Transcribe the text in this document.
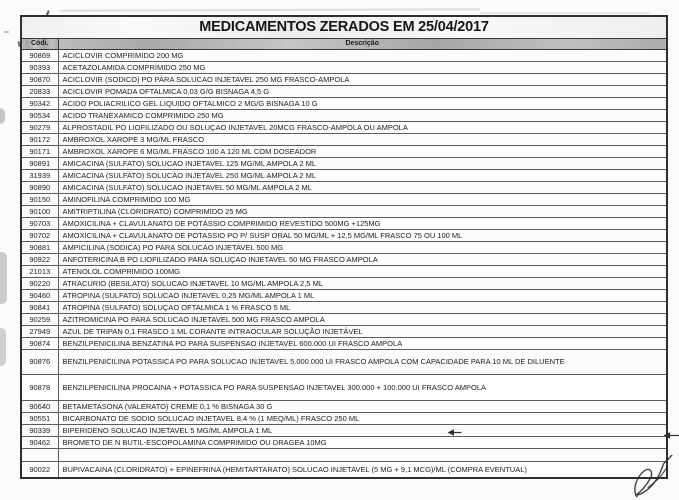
MEDICAMENTOS ZERADOS EM 25/04/2017	
Códi.	Descrição
90869	ACICLOVIR COMPRIMIDO 200 MG
90393	ACETAZOLAMIDA COMPRIMIDO 250 MG
90870	ACICLOVIR (SODICO) PO PARA SOLUCAO INJETAVEL 250 MG FRASCO-AMPOLA
20833	ACICLOVIR POMADA OFTALMICA 0,03 G/G BISNAGA 4,5 G
90342	ACIDO POLIACRILICO GEL LIQUIDO OFTALMICO 2 MG/G BISNAGA 10 G
90534	ACIDO TRANEXAMICO COMPRIMIDO 250 MG
90279	ALPROSTADIL PO LIOFILIZADO OU SOLUÇAO INJETAVEL 20MCG FRASCO-AMPOLA OU AMPOLA
90172	AMBROXOL XAROPE 3 MG/ML FRASCO
90171	AMBROXOL XAROPE 6 MG/ML FRASCO 100 A 120 ML COM DOSEADOR
90891	AMICACINA (SULFATO) SOLUCAO INJETAVEL 125 MG/ML AMPOLA 2 ML
31939	AMICACINA (SULFATO) SOLUCAO INJETAVEL 250 MG/ML AMPOLA 2 ML
90890	AMICACINA (SULFATO) SOLUCAO INJETAVEL 50 MG/ML AMPOLA 2 ML
90150	AMINOFILINA COMPRIMIDO 100 MG
90100	AMITRIPTILINA (CLORIDRATO) COMPRIMIDO 25 MG
90703	AMOXICILINA + CLAVULANATO DE POTÁSSIO COMPRIMIDO REVESTIDO 500MG +125MG
90702	AMOXICILINA + CLAVULANATO DE POTASSIO PO P/ SUSP ORAL 50 MG/ML + 12,5 MG/ML FRASCO 75 OU 100 ML
90881	AMPICILINA (SODICA) PO PARA SOLUCAO INJETAVEL 500 MG
90922	ANFOTERICINA B PO LIOFILIZADO PARA SOLUÇAO INJETAVEL 50 MG FRASCO AMPOLA
21013	ATENOLOL COMPRIMIDO 100MG
90220	ATRACURIO (BESILATO) SOLUCAO INJETAVEL 10 MG/ML AMPOLA 2,5 ML
90460	ATROPINA (SULFATO) SOLUCAO INJETAVEL 0,25 MG/ML AMPOLA 1 ML
90841	ATROPINA (SULFATO) SOLUÇAO OFTALMICA 1 % FRASCO 5 ML
90259	AZITROMICINA PO PARA SOLUCAO INJETAVEL 500 MG FRASCO AMPOLA
27949	AZUL DE TRIPAN 0,1 FRASCO 1 ML CORANTE INTRAOCULAR SOLUÇÃO INJETÁVEL
90874	BENZILPENICILINA BENZATINA PO PARA SUSPENSAO INJETAVEL 600.000 UI FRASCO AMPOLA
90876	BENZILPENICILINA POTASSICA PO PARA SOLUCAO INJETAVEL 5.000.000 UI FRASCO AMPOLA COM CAPACIDADE PARA 10 ML DE DILUENTE
90878	BENZILPENICILINA PROCAINA + POTASSICA PO PARA SUSPENSAO INJETAVEL 300.000 + 100.000 UI FRASCO AMPOLA
90640	BETAMETASONA (VALERATO) CREME 0,1 % BISNAGA 30 G
90551	BICARBONATO DE SODIO SOLUCAO INJETAVEL 8,4 % (1 MEQ/ML) FRASCO 250 ML
90339	BIPERIDENO SOLUCAO INJETAVEL 5 MG/ML AMPOLA 1 ML
90462	BROMETO DE N BUTIL-ESCOPOLAMINA COMPRIMIDO OU DRAGEA 10MG

90022	BUPIVACAINA (CLORIDRATO) + EPINEFRINA (HEMITARTARATO) SOLUCAO INJETAVEL (5 MG + 9,1 MCG)/ML (COMPRA EVENTUAL)
